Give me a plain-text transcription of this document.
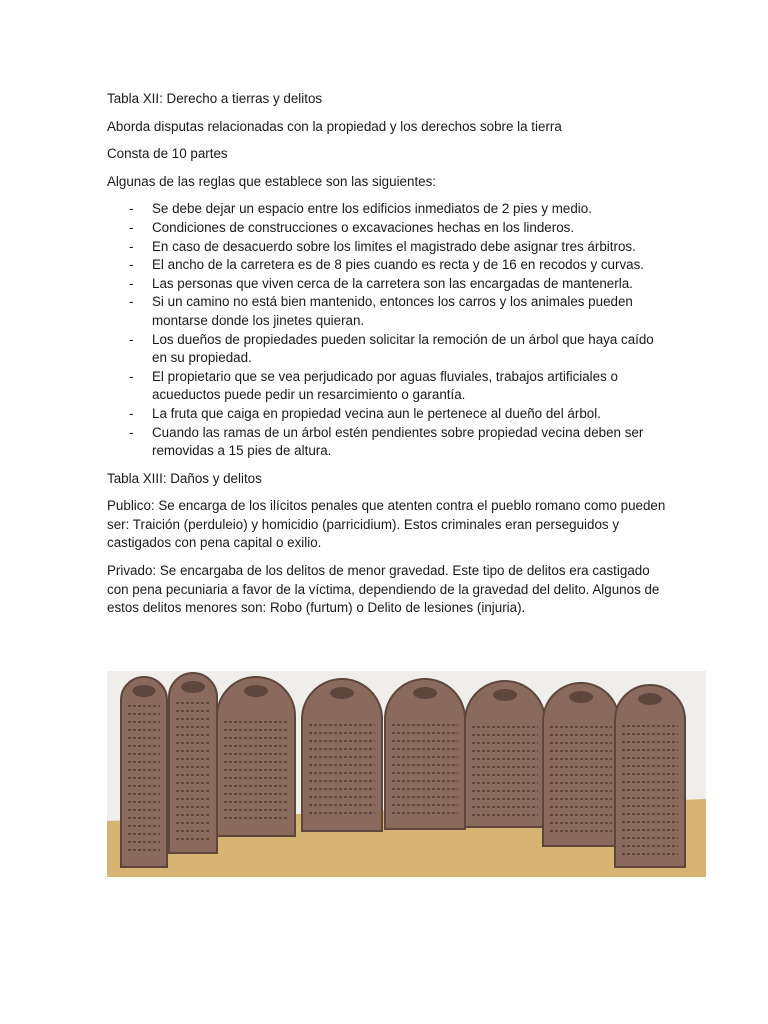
Tabla XII: Derecho a tierras y delitos

Aborda disputas relacionadas con la propiedad y los derechos sobre la tierra

Consta de 10 partes

Algunas de las reglas que establece son las siguientes:

- Se debe dejar un espacio entre los edificios inmediatos de 2 pies y medio.
- Condiciones de construcciones o excavaciones hechas en los linderos.
- En caso de desacuerdo sobre los limites el magistrado debe asignar tres árbitros.
- El ancho de la carretera es de 8 pies cuando es recta y de 16 en recodos y curvas.
- Las personas que viven cerca de la carretera son las encargadas de mantenerla.
- Si un camino no está bien mantenido, entonces los carros y los animales pueden montarse donde los jinetes quieran.
- Los dueños de propiedades pueden solicitar la remoción de un árbol que haya caído en su propiedad.
- El propietario que se vea perjudicado por aguas fluviales, trabajos artificiales o acueductos puede pedir un resarcimiento o garantía.
- La fruta que caiga en propiedad vecina aun le pertenece al dueño del árbol.
- Cuando las ramas de un árbol estén pendientes sobre propiedad vecina deben ser removidas a 15 pies de altura.

Tabla XIII: Daños y delitos

Publico: Se encarga de los ilícitos penales que atenten contra el pueblo romano como pueden ser: Traición (perduleio) y homicidio (parricidium). Estos criminales eran perseguidos y castigados con pena capital o exilio.

Privado: Se encargaba de los delitos de menor gravedad. Este tipo de delitos era castigado con pena pecuniaria a favor de la víctima, dependiendo de la gravedad del delito. Algunos de estos delitos menores son: Robo (furtum) o Delito de lesiones (injuria).
